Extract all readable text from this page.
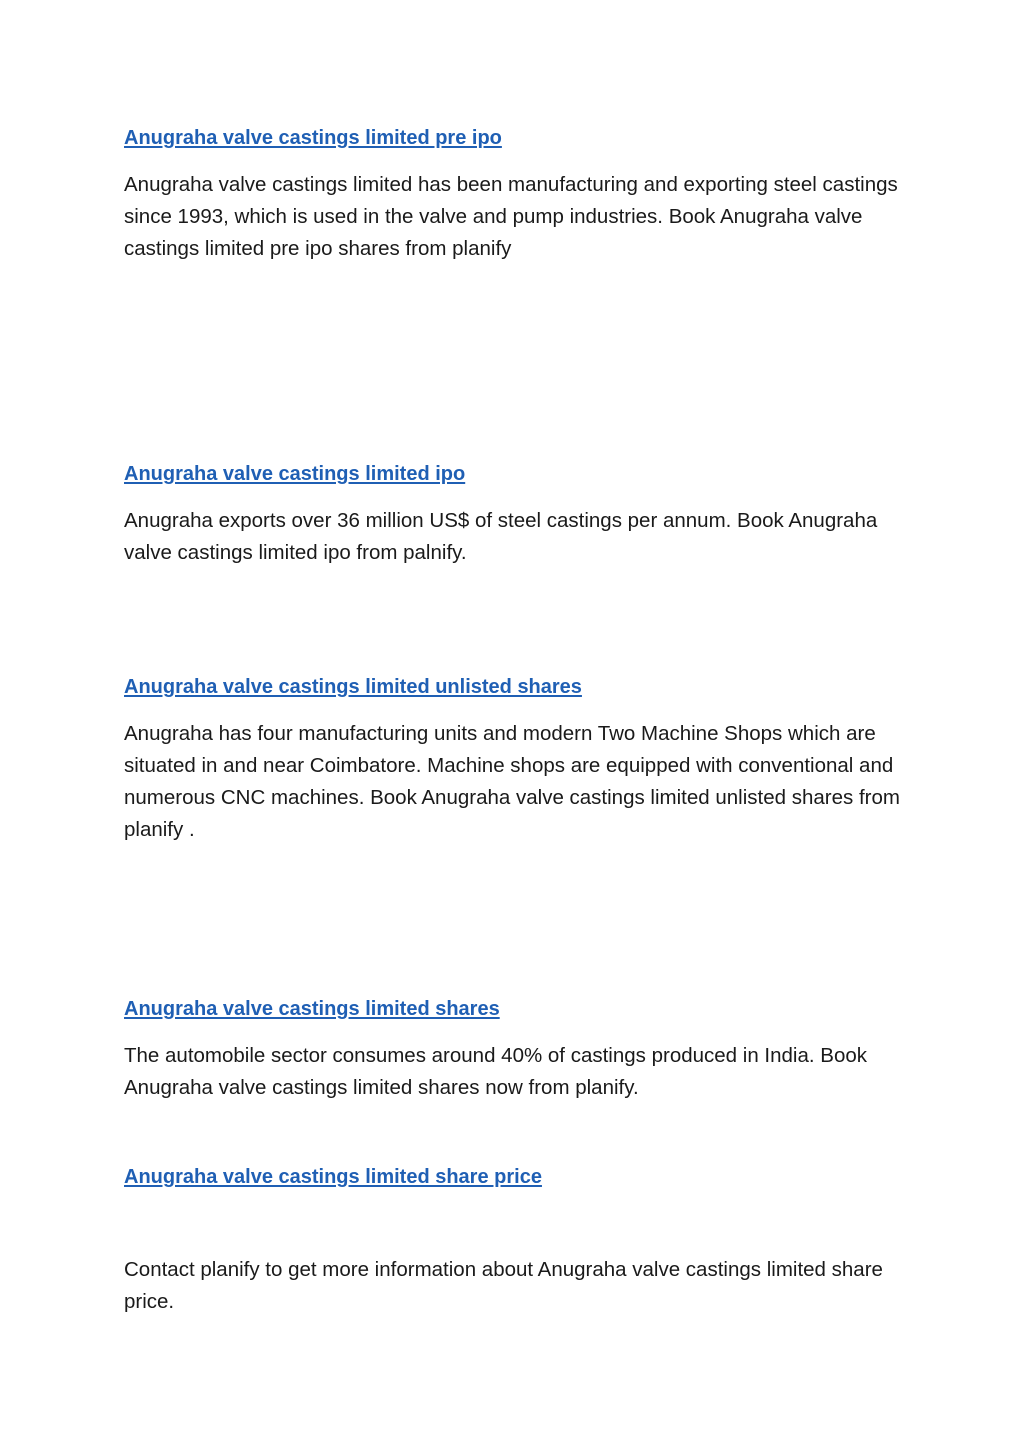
Anugraha valve castings limited pre ipo

Anugraha valve castings limited has been manufacturing and exporting steel castings since 1993, which is used in the valve and pump industries. Book Anugraha valve castings limited pre ipo shares from planify

Anugraha valve castings limited ipo

Anugraha exports over 36 million US$ of steel castings per annum. Book Anugraha valve castings limited ipo from palnify.

Anugraha valve castings limited unlisted shares

Anugraha has four manufacturing units and modern Two Machine Shops which are situated in and near Coimbatore. Machine shops are equipped with conventional and numerous CNC machines. Book Anugraha valve castings limited unlisted shares from planify .

Anugraha valve castings limited shares

The automobile sector consumes around 40% of castings produced in India. Book Anugraha valve castings limited shares now from planify.

Anugraha valve castings limited share price

Contact planify to get more information about Anugraha valve castings limited share price.
